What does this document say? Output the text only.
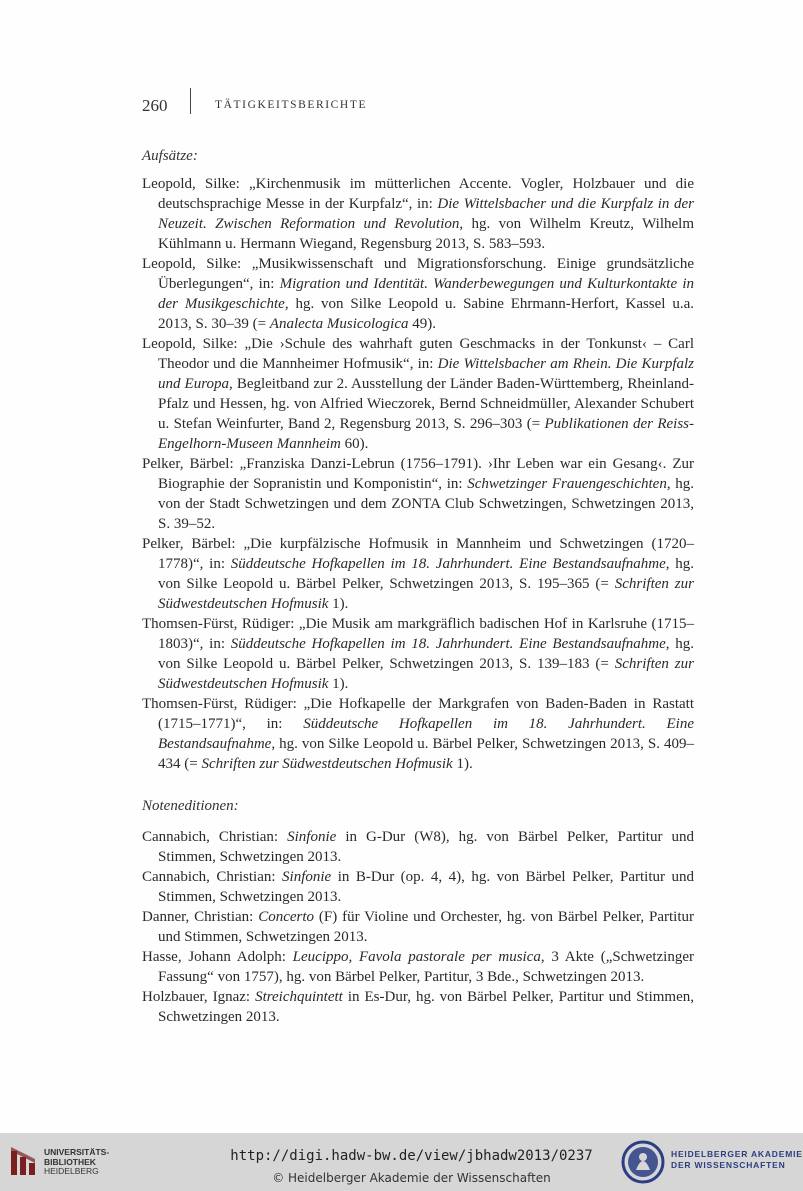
260	TÄTIGKEITSBERICHTE
Aufsätze:

Leopold, Silke: „Kirchenmusik im mütterlichen Accente. Vogler, Holzbauer und die deutschsprachige Messe in der Kurpfalz“, in: Die Wittelsbacher und die Kurpfalz in der Neuzeit. Zwischen Reformation und Revolution, hg. von Wilhelm Kreutz, Wilhelm Kühlmann u. Hermann Wiegand, Regensburg 2013, S. 583–593.

Leopold, Silke: „Musikwissenschaft und Migrationsforschung. Einige grundsätzliche Überlegungen“, in: Migration und Identität. Wanderbewegungen und Kulturkontakte in der Musikgeschichte, hg. von Silke Leopold u. Sabine Ehrmann-Herfort, Kassel u.a. 2013, S. 30–39 (= Analecta Musicologica 49).

Leopold, Silke: „Die ›Schule des wahrhaft guten Geschmacks in der Tonkunst‹ – Carl Theodor und die Mannheimer Hofmusik“, in: Die Wittelsbacher am Rhein. Die Kurpfalz und Europa, Begleitband zur 2. Ausstellung der Länder Baden-Württemberg, Rheinland-Pfalz und Hessen, hg. von Alfried Wieczorek, Bernd Schneidmüller, Alexander Schubert u. Stefan Weinfurter, Band 2, Regensburg 2013, S. 296–303 (= Publikationen der Reiss-Engelhorn-Museen Mannheim 60).

Pelker, Bärbel: „Franziska Danzi-Lebrun (1756–1791). ›Ihr Leben war ein Gesang‹. Zur Biographie der Sopranistin und Komponistin“, in: Schwetzinger Frauengeschichten, hg. von der Stadt Schwetzingen und dem ZONTA Club Schwetzingen, Schwetzingen 2013, S. 39–52.

Pelker, Bärbel: „Die kurpfälzische Hofmusik in Mannheim und Schwetzingen (1720–1778)“, in: Süddeutsche Hofkapellen im 18. Jahrhundert. Eine Bestandsaufnahme, hg. von Silke Leopold u. Bärbel Pelker, Schwetzingen 2013, S. 195–365 (= Schriften zur Südwestdeutschen Hofmusik 1).

Thomsen-Fürst, Rüdiger: „Die Musik am markgräflich badischen Hof in Karlsruhe (1715–1803)“, in: Süddeutsche Hofkapellen im 18. Jahrhundert. Eine Bestandsaufnahme, hg. von Silke Leopold u. Bärbel Pelker, Schwetzingen 2013, S. 139–183 (= Schriften zur Südwestdeutschen Hofmusik 1).

Thomsen-Fürst, Rüdiger: „Die Hofkapelle der Markgrafen von Baden-Baden in Rastatt (1715–1771)“, in: Süddeutsche Hofkapellen im 18. Jahrhundert. Eine Bestandsaufnahme, hg. von Silke Leopold u. Bärbel Pelker, Schwetzingen 2013, S. 409–434 (= Schriften zur Südwestdeutschen Hofmusik 1).

Noteneditionen:

Cannabich, Christian: Sinfonie in G-Dur (W8), hg. von Bärbel Pelker, Partitur und Stimmen, Schwetzingen 2013.

Cannabich, Christian: Sinfonie in B-Dur (op. 4, 4), hg. von Bärbel Pelker, Partitur und Stimmen, Schwetzingen 2013.

Danner, Christian: Concerto (F) für Violine und Orchester, hg. von Bärbel Pelker, Partitur und Stimmen, Schwetzingen 2013.

Hasse, Johann Adolph: Leucippo, Favola pastorale per musica, 3 Akte („Schwetzinger Fassung“ von 1757), hg. von Bärbel Pelker, Partitur, 3 Bde., Schwetzingen 2013.

Holzbauer, Ignaz: Streichquintett in Es-Dur, hg. von Bärbel Pelker, Partitur und Stimmen, Schwetzingen 2013.

UNIVERSITÄTS-
BIBLIOTHEK
HEIDELBERG
http://digi.hadw-bw.de/view/jbhadw2013/0237
© Heidelberger Akademie der Wissenschaften
HEIDELBERGER AKADEMIE
DER WISSENSCHAFTEN
